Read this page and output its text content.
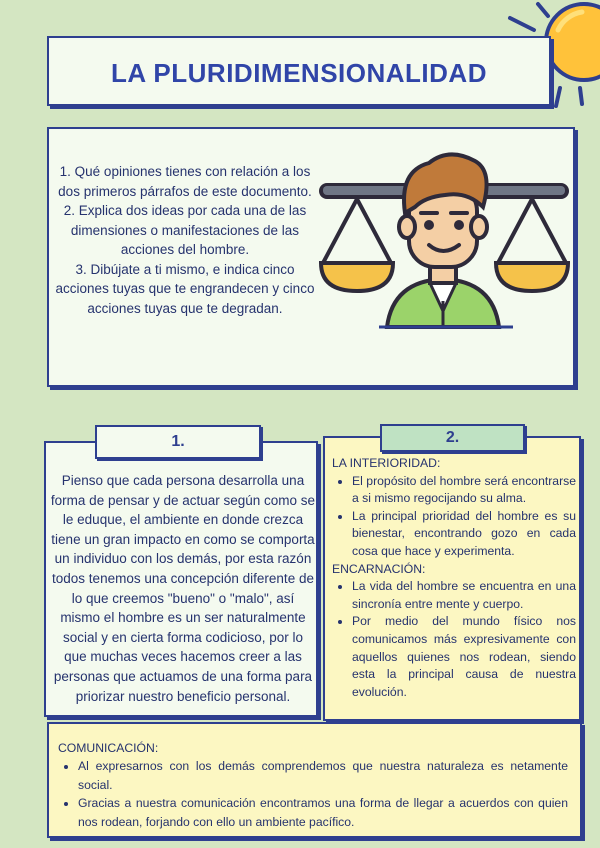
LA PLURIDIMENSIONALIDAD

1. Qué opiniones tienes con relación a los dos primeros párrafos de este documento.

2. Explica dos ideas por cada una de las dimensiones o manifestaciones de las acciones del hombre.

3. Dibújate a ti mismo, e indica cinco acciones tuyas que te engrandecen y cinco acciones tuyas que te degradan.

Pienso que cada persona desarrolla una forma de pensar y de actuar según como se le eduque, el ambiente en donde crezca tiene un gran impacto en como se comporta un individuo con los demás, por esta razón todos tenemos una concepción diferente de lo que creemos "bueno" o "malo", así mismo el hombre es un ser naturalmente social y en cierta forma codicioso, por lo que muchas veces hacemos creer a las personas que actuamos de una forma para priorizar nuestro beneficio personal.
1.
LA INTERIORIDAD:
• El propósito del hombre será encontrarse a si mismo regocijando su alma.
• La principal prioridad del hombre es su bienestar, encontrando gozo en cada cosa que hace y experimenta.
ENCARNACIÓN:
• La vida del hombre se encuentra en una sincronía entre mente y cuerpo.
• Por medio del mundo físico nos comunicamos más expresivamente con aquellos quienes nos rodean, siendo esta la principal causa de nuestra evolución.
2.
COMUNICACIÓN:
• Al expresarnos con los demás comprendemos que nuestra naturaleza es netamente social.
• Gracias a nuestra comunicación encontramos una forma de llegar a acuerdos con quien nos rodean, forjando con ello un ambiente pacífico.
